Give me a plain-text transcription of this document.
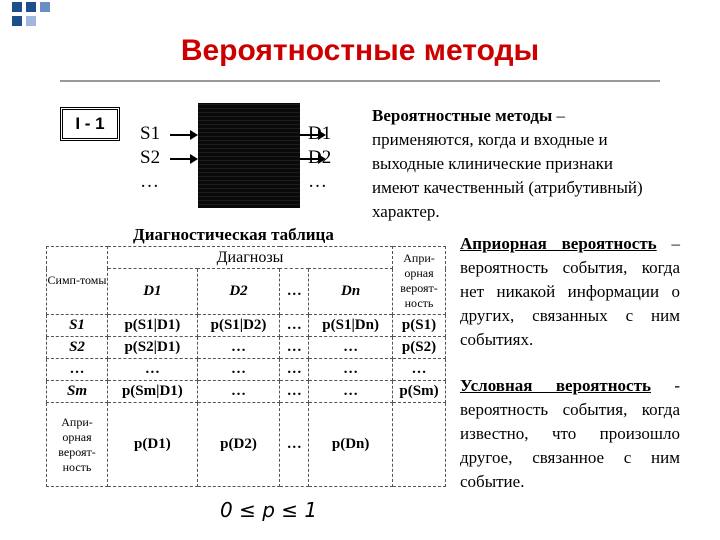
Вероятностные методы
I - 1	S1
S2
…
D1
D2
…
Вероятностные методы – применяются, когда и входные и выходные клинические признаки имеют качественный (атрибутивный) характер.
Диагностическая таблица
Симп-томы	Диагнозы				Апри-орная вероят-ность
	D1	D2	…	Dn	
S1	p(S1|D1)	p(S1|D2)	…	p(S1|Dn)	p(S1)
S2	p(S2|D1)	…	…	…	p(S2)
…	…	…	…	…	…
Sm	p(Sm|D1)	…	…	…	p(Sm)
Апри-орная вероят-ность	p(D1)	p(D2)	…	p(Dn)	
Априорная вероятность – вероятность события, когда нет никакой информации о других, связанных с ним событиях.
Условная вероятность - вероятность события, когда известно, что произошло другое, связанное с ним событие.
0 ≤ p ≤ 1
